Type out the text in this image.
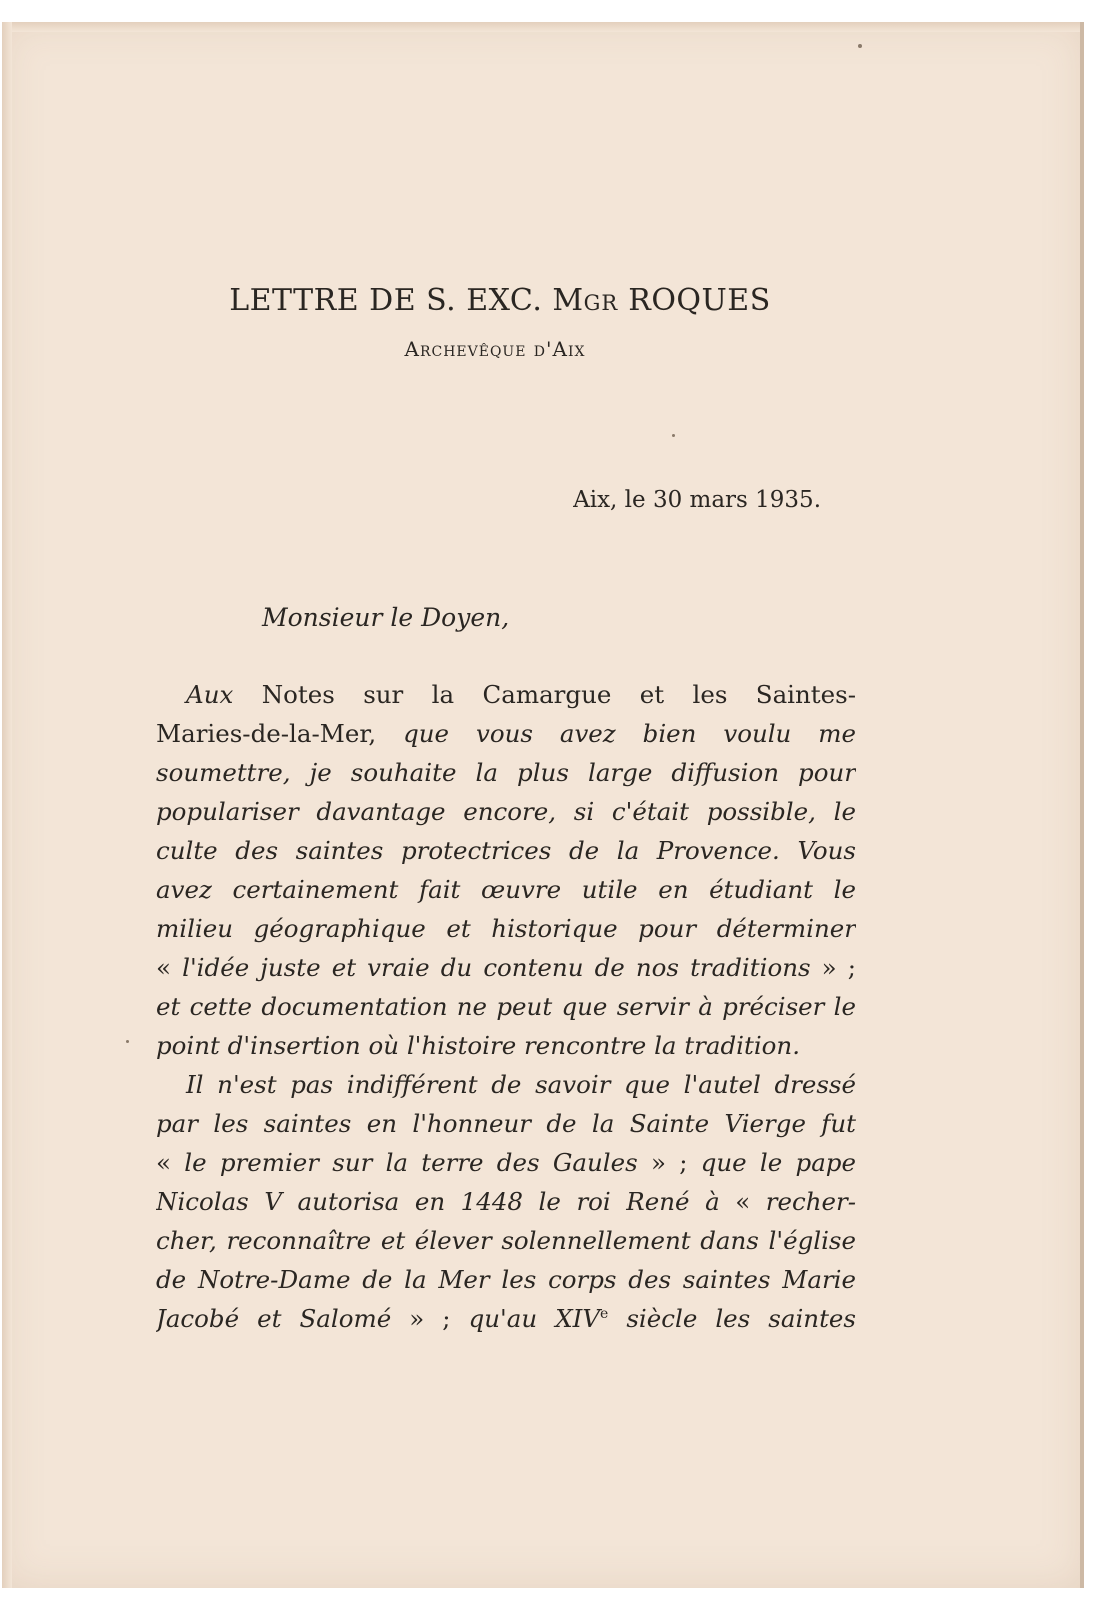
LETTRE DE S. EXC. MGR ROQUES
Archevêque d'Aix
Aix, le 30 mars 1935.
Monsieur le Doyen,
Aux Notes sur la Camargue et les Saintes-
Maries-de-la-Mer, que vous avez bien voulu me
soumettre, je souhaite la plus large diffusion pour
populariser davantage encore, si c'était possible, le
culte des saintes protectrices de la Provence. Vous
avez certainement fait œuvre utile en étudiant le
milieu géographique et historique pour déterminer
« l'idée juste et vraie du contenu de nos traditions » ;
et cette documentation ne peut que servir à préciser le
point d'insertion où l'histoire rencontre la tradition.
Il n'est pas indifférent de savoir que l'autel dressé
par les saintes en l'honneur de la Sainte Vierge fut
« le premier sur la terre des Gaules » ; que le pape
Nicolas V autorisa en 1448 le roi René à « recher-
cher, reconnaître et élever solennellement dans l'église
de Notre-Dame de la Mer les corps des saintes Marie
Jacobé et Salomé » ; qu'au XIVe siècle les saintes
